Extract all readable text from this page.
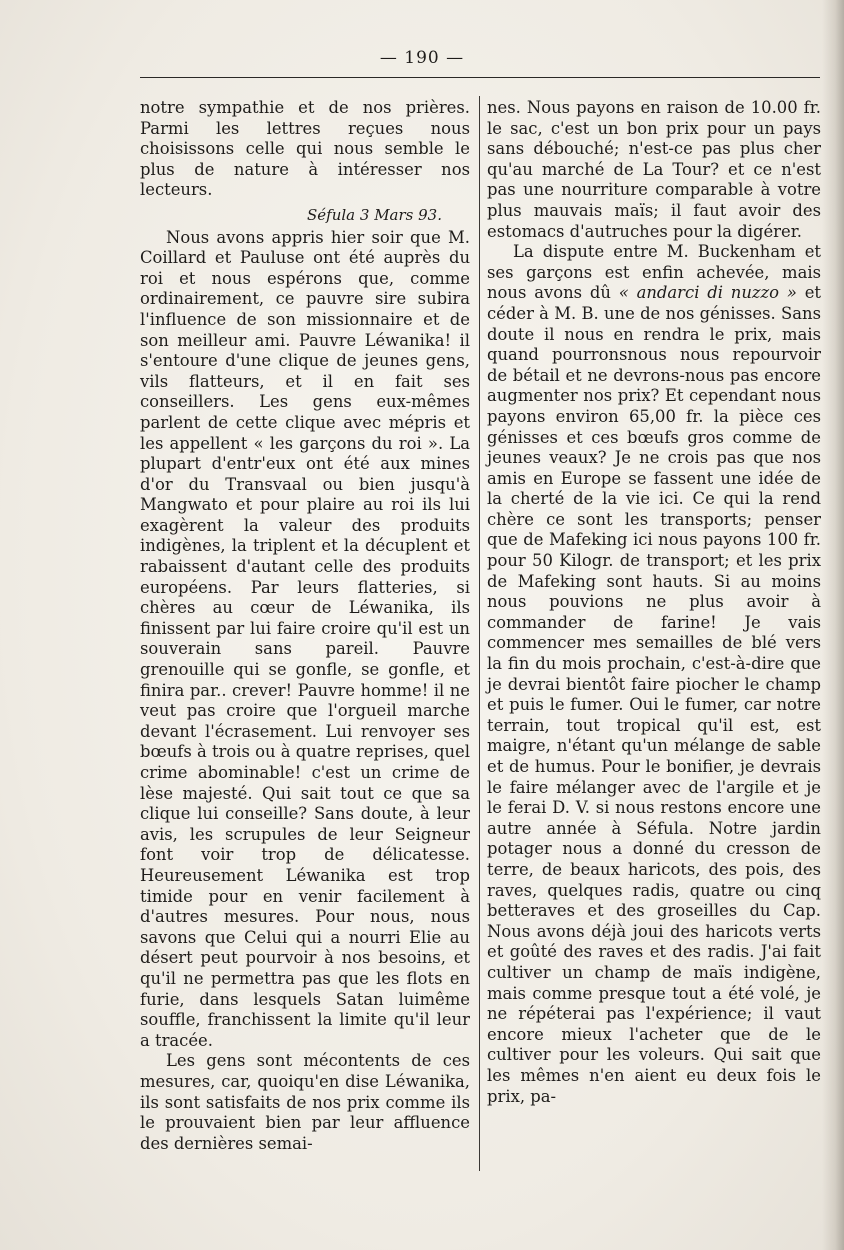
— 190 —

notre sympathie et de nos prières. Parmi les lettres reçues nous choisissons celle qui nous semble le plus de nature à intéresser nos lecteurs.

Séfula 3 Mars 93.

Nous avons appris hier soir que M. Coillard et Pauluse ont été auprès du roi et nous espérons que, comme ordinairement, ce pauvre sire subira l'influence de son missionnaire et de son meilleur ami. Pauvre Léwanika! il s'entoure d'une clique de jeunes gens, vils flatteurs, et il en fait ses conseillers. Les gens eux-mêmes parlent de cette clique avec mépris et les appellent « les garçons du roi ». La plupart d'entr'eux ont été aux mines d'or du Transvaal ou bien jusqu'à Mangwato et pour plaire au roi ils lui exagèrent la valeur des produits indigènes, la triplent et la décuplent et rabaissent d'autant celle des produits européens. Par leurs flatteries, si chères au cœur de Léwanika, ils finissent par lui faire croire qu'il est un souverain sans pareil. Pauvre grenouille qui se gonfle, se gonfle, et finira par.. crever! Pauvre homme! il ne veut pas croire que l'orgueil marche devant l'écrasement. Lui renvoyer ses bœufs à trois ou à quatre reprises, quel crime abominable! c'est un crime de lèse majesté. Qui sait tout ce que sa clique lui conseille? Sans doute, à leur avis, les scrupules de leur Seigneur font voir trop de délicatesse. Heureusement Léwanika est trop timide pour en venir facilement à d'autres mesures. Pour nous, nous savons que Celui qui a nourri Elie au désert peut pourvoir à nos besoins, et qu'il ne permettra pas que les flots en furie, dans lesquels Satan luimême souffle, franchissent la limite qu'il leur a tracée.

Les gens sont mécontents de ces mesures, car, quoiqu'en dise Léwanika, ils sont satisfaits de nos prix comme ils le prouvaient bien par leur affluence des dernières semai-

nes. Nous payons en raison de 10.00 fr. le sac, c'est un bon prix pour un pays sans débouché; n'est-ce pas plus cher qu'au marché de La Tour? et ce n'est pas une nourriture comparable à votre plus mauvais maïs; il faut avoir des estomacs d'autruches pour la digérer.

La dispute entre M. Buckenham et ses garçons est enfin achevée, mais nous avons dû « andarci di nuzzo » et céder à M. B. une de nos génisses. Sans doute il nous en rendra le prix, mais quand pourronsnous nous repourvoir de bétail et ne devrons-nous pas encore augmenter nos prix? Et cependant nous payons environ 65,00 fr. la pièce ces génisses et ces bœufs gros comme de jeunes veaux? Je ne crois pas que nos amis en Europe se fassent une idée de la cherté de la vie ici. Ce qui la rend chère ce sont les transports; penser que de Mafeking ici nous payons 100 fr. pour 50 Kilogr. de transport; et les prix de Mafeking sont hauts. Si au moins nous pouvions ne plus avoir à commander de farine! Je vais commencer mes semailles de blé vers la fin du mois prochain, c'est-à-dire que je devrai bientôt faire piocher le champ et puis le fumer. Oui le fumer, car notre terrain, tout tropical qu'il est, est maigre, n'étant qu'un mélange de sable et de humus. Pour le bonifier, je devrais le faire mélanger avec de l'argile et je le ferai D. V. si nous restons encore une autre année à Séfula. Notre jardin potager nous a donné du cresson de terre, de beaux haricots, des pois, des raves, quelques radis, quatre ou cinq betteraves et des groseilles du Cap. Nous avons déjà joui des haricots verts et goûté des raves et des radis. J'ai fait cultiver un champ de maïs indigène, mais comme presque tout a été volé, je ne répéterai pas l'expérience; il vaut encore mieux l'acheter que de le cultiver pour les voleurs. Qui sait que les mêmes n'en aient eu deux fois le prix, pa-
